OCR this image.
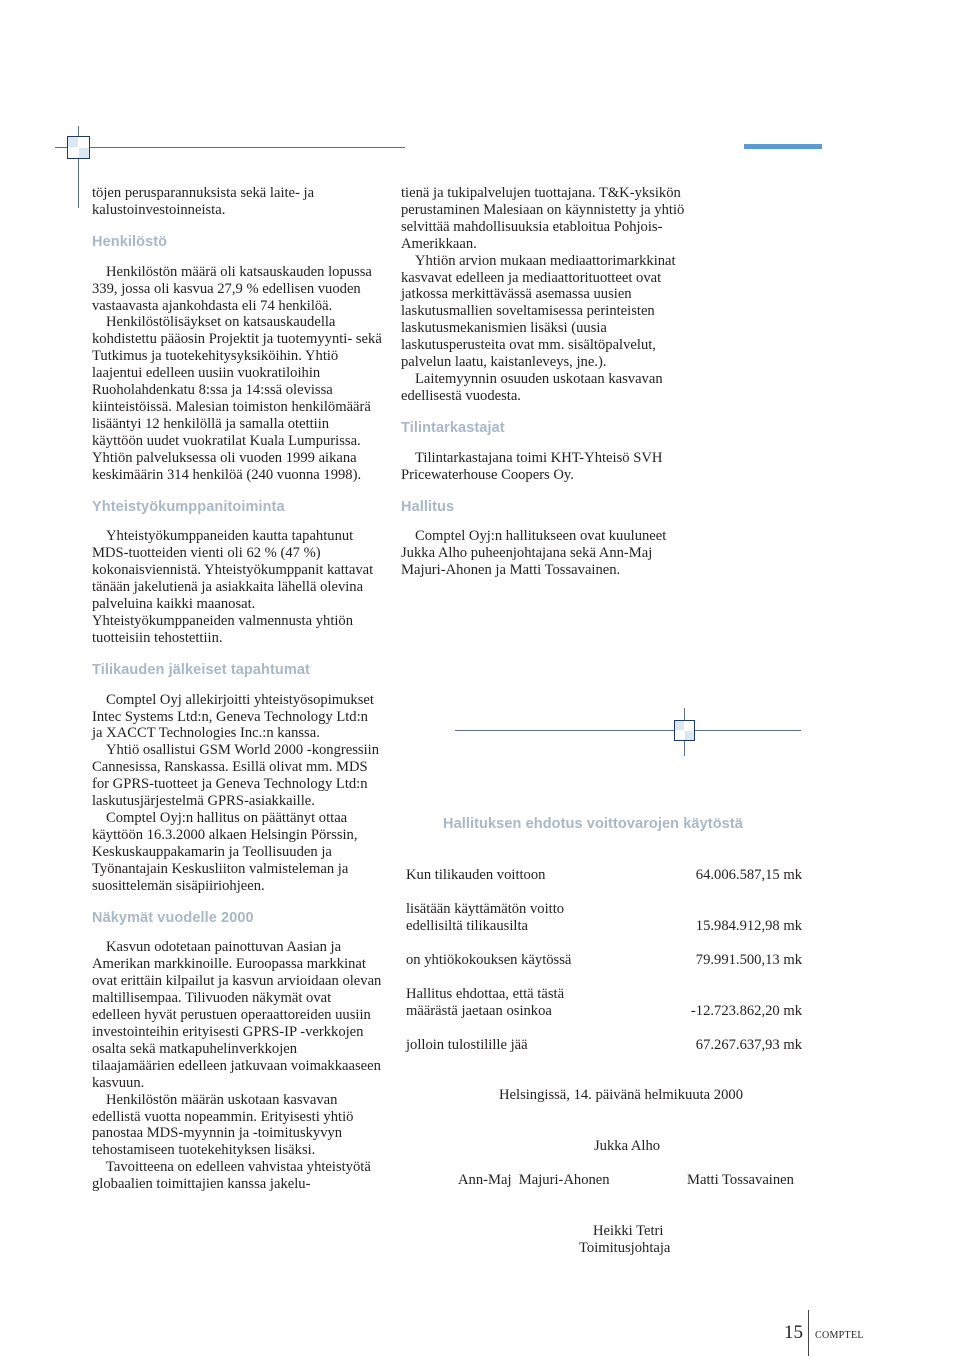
töjen perusparannuksista sekä laite- ja kalustoinvestoinneista.

Henkilöstö

Henkilöstön määrä oli katsauskauden lopussa 339, jossa oli kasvua 27,9 % edellisen vuoden vastaavasta ajankohdasta eli 74 henkilöä.

Henkilöstölisäykset on katsauskaudella kohdistettu pääosin Projektit ja tuotemyynti- sekä Tutkimus ja tuotekehitysyksiköihin. Yhtiö laajentui edelleen uusiin vuokratiloihin Ruoholahdenkatu 8:ssa ja 14:ssä olevissa kiinteistöissä. Malesian toimiston henkilömäärä lisääntyi 12 henkilöllä ja samalla otettiin käyttöön uudet vuokratilat Kuala Lumpurissa. Yhtiön palveluksessa oli vuoden 1999 aikana keskimäärin 314 henkilöä (240 vuonna 1998).

Yhteistyökumppanitoiminta

Yhteistyökumppaneiden kautta tapahtunut MDS-tuotteiden vienti oli 62 % (47 %) kokonaisviennistä. Yhteistyökumppanit kattavat tänään jakelutienä ja asiakkaita lähellä olevina palveluina kaikki maanosat. Yhteistyökumppaneiden valmennusta yhtiön tuotteisiin tehostettiin.

Tilikauden jälkeiset tapahtumat

Comptel Oyj allekirjoitti yhteistyösopimukset Intec Systems Ltd:n, Geneva Technology Ltd:n ja XACCT Technologies Inc.:n kanssa.

Yhtiö osallistui GSM World 2000 -kongressiin Cannesissa, Ranskassa. Esillä olivat mm. MDS for GPRS-tuotteet ja Geneva Technology Ltd:n laskutusjärjestelmä GPRS-asiakkaille.

Comptel Oyj:n hallitus on päättänyt ottaa käyttöön 16.3.2000 alkaen Helsingin Pörssin, Keskuskauppakamarin ja Teollisuuden ja Työnantajain Keskusliiton valmisteleman ja suosittelemän sisäpiiriohjeen.

Näkymät vuodelle 2000

Kasvun odotetaan painottuvan Aasian ja Amerikan markkinoille. Euroopassa markkinat ovat erittäin kilpailut ja kasvun arvioidaan olevan maltillisempaa. Tilivuoden näkymät ovat edelleen hyvät perustuen operaattoreiden uusiin investointeihin erityisesti GPRS-IP -verkkojen osalta sekä matkapuhelinverkkojen tilaajamäärien edelleen jatkuvaan voimakkaaseen kasvuun.

Henkilöstön määrän uskotaan kasvavan edellistä vuotta nopeammin. Erityisesti yhtiö panostaa MDS-myynnin ja -toimituskyvyn tehostamiseen tuotekehityksen lisäksi.

Tavoitteena on edelleen vahvistaa yhteistyötä globaalien toimittajien kanssa jakelu-

tienä ja tukipalvelujen tuottajana. T&K-yksikön perustaminen Malesiaan on käynnistetty ja yhtiö selvittää mahdollisuuksia etabloitua Pohjois-Amerikkaan.

Yhtiön arvion mukaan mediaattorimarkkinat kasvavat edelleen ja mediaattorituotteet ovat jatkossa merkittävässä asemassa uusien laskutusmallien soveltamisessa perinteisten laskutusmekanismien lisäksi (uusia laskutusperusteita ovat mm. sisältöpalvelut, palvelun laatu, kaistanleveys, jne.).

Laitemyynnin osuuden uskotaan kasvavan edellisestä vuodesta.

Tilintarkastajat

Tilintarkastajana toimi KHT-Yhteisö SVH Pricewaterhouse Coopers Oy.

Hallitus

Comptel Oyj:n hallitukseen ovat kuuluneet Jukka Alho puheenjohtajana sekä Ann-Maj Majuri-Ahonen ja Matti Tossavainen.

Hallituksen ehdotus voittovarojen käytöstä
Kun tilikauden voittoon	64.006.587,15 mk
lisätään käyttämätön voitto edellisiltä tilikausilta	15.984.912,98 mk
on yhtiökokouksen käytössä	79.991.500,13 mk
Hallitus ehdottaa, että tästä määrästä jaetaan osinkoa	-12.723.862,20 mk
jolloin tulostilille jää	67.267.637,93 mk
Helsingissä, 14. päivänä helmikuuta 2000
Jukka Alho
Ann-Maj  Majuri-Ahonen	Matti Tossavainen
Heikki Tetri
Toimitusjohtaja
15 COMPTEL
